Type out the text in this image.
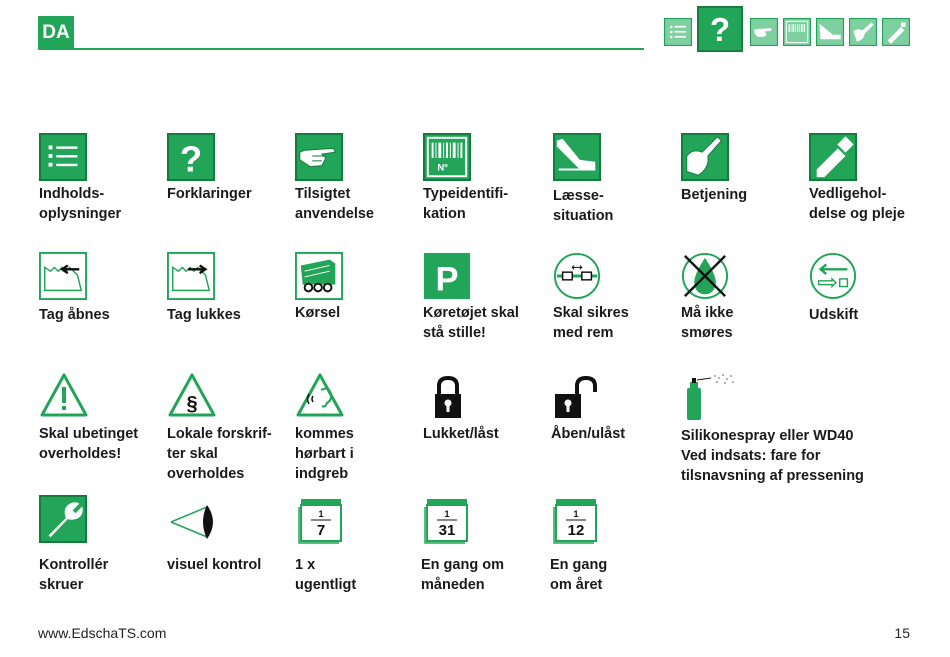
DA	?
Indholds-
oplysninger
?
Forklaringer	Tilsigtet
anvendelse
Nº
Typeidentifi-
kation
Læsse-
situation
Betjening	Vedligehol-
delse og pleje
Tag åbnes	Tag lukkes	Kørsel
P
Køretøjet skal
stå stille!
Skal sikres
med rem
Må ikke
smøres
Udskift
Skal ubetinget
overholdes!
§
Lokale forskrif-
ter skal
overholdes
kommes
hørbart i
indgreb
Lukket/låst	Åben/ulåst	Silikonespray eller WD40
Ved indsats: fare for
tilsnavsning af pressening
Kontrollér
skruer
visuel kontrol
1
7
1 x
ugentligt
1
31
En gang om
måneden
1
12
En gang
om året
www.EdschaTS.com	15
